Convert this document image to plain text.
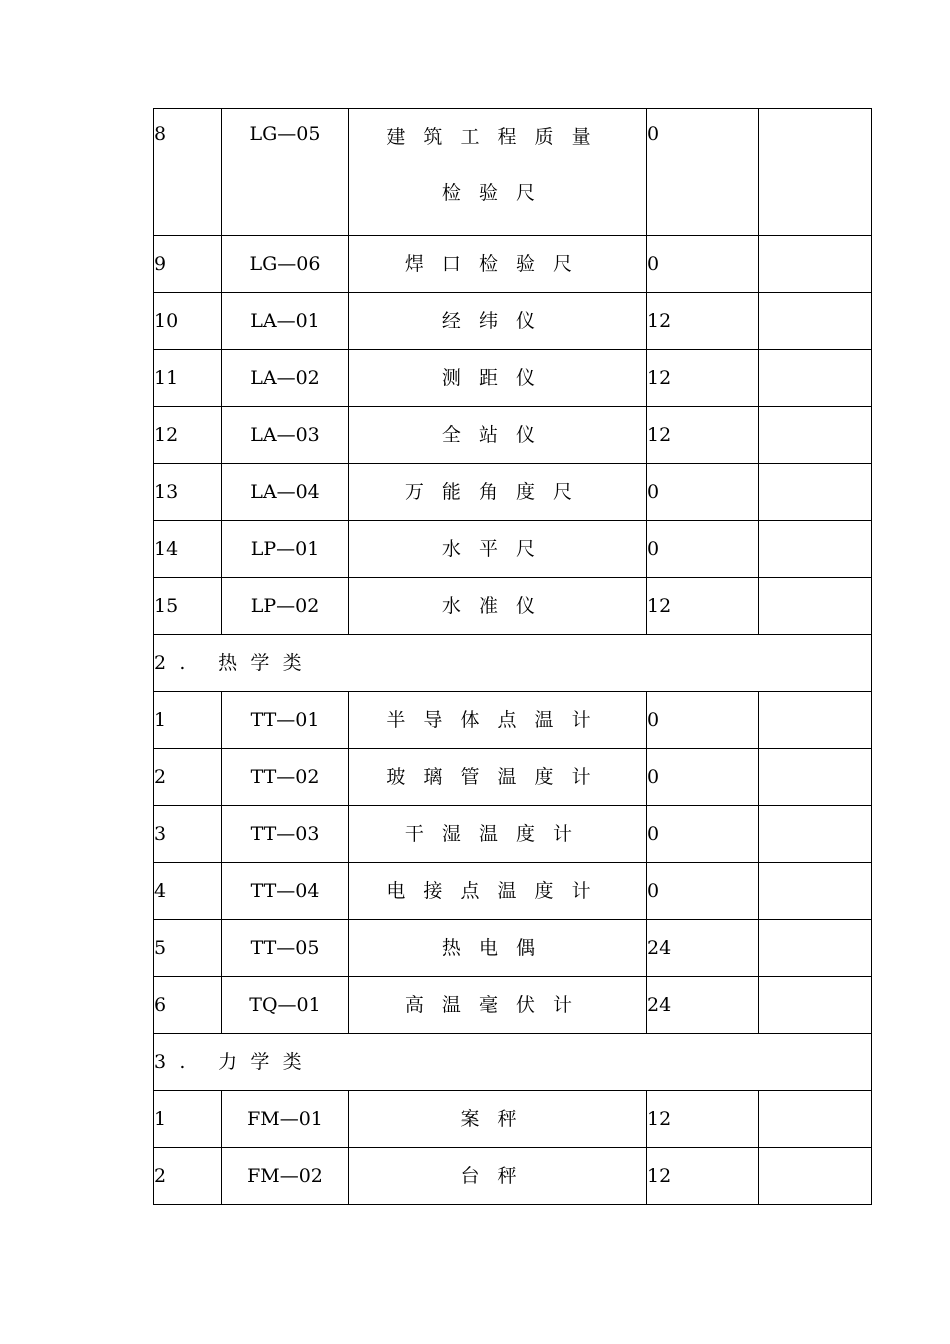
8	LG—05	建筑工程质量
检验尺	0	
9	LG—06	焊口检验尺	0	
10	LA—01	经纬仪	12	
11	LA—02	测距仪	12	
12	LA—03	全站仪	12	
13	LA—04	万能角度尺	0	
14	LP—01	水平尺	0	
15	LP—02	水准仪	12	
2. 热学类				
1	TT—01	半导体点温计	0	
2	TT—02	玻璃管温度计	0	
3	TT—03	干湿温度计	0	
4	TT—04	电接点温度计	0	
5	TT—05	热电偶	24	
6	TQ—01	高温毫伏计	24	
3. 力学类				
1	FM—01	案秤	12	
2	FM—02	台秤	12	
